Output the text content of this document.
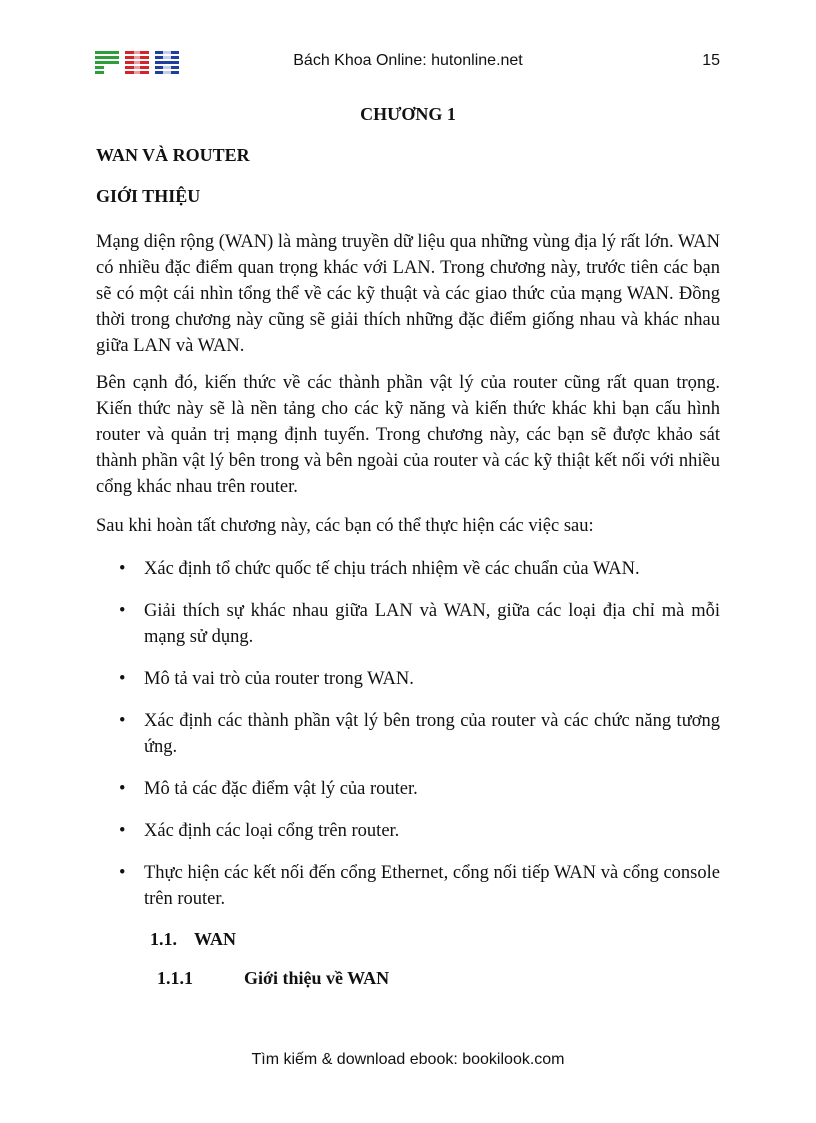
Bách Khoa Online: hutonline.net	15
CHƯƠNG 1
WAN VÀ ROUTER
GIỚI THIỆU
Mạng diện rộng (WAN) là màng truyền dữ liệu qua những vùng địa lý rất lớn. WAN có nhiều đặc điểm quan trọng khác với LAN. Trong chương này, trước tiên các bạn sẽ có một cái nhìn tổng thể về các kỹ thuật và các giao thức của mạng WAN. Đồng thời trong chương này cũng sẽ giải thích những đặc điểm giống nhau và khác nhau giữa LAN và WAN.
Bên cạnh đó, kiến thức về các thành phần vật lý của router cũng rất quan trọng. Kiến thức này sẽ là nền tảng cho các kỹ năng và kiến thức khác khi bạn cấu hình router và quản trị mạng định tuyến. Trong chương này, các bạn sẽ được khảo sát thành phần vật lý bên trong và bên ngoài của router và các kỹ thiật kết nối với nhiều cổng khác nhau trên router.
Sau khi hoàn tất chương này, các bạn có thể thực hiện các việc sau:
• Xác định tổ chức quốc tế chịu trách nhiệm về các chuẩn của WAN.
• Giải thích sự khác nhau giữa LAN và WAN, giữa các loại địa chỉ mà mỗi mạng sử dụng.
• Mô tả vai trò của router trong WAN.
• Xác định các thành phần vật lý bên trong của router và các chức năng tương ứng.
• Mô tả các đặc điểm vật lý của router.
• Xác định các loại cổng trên router.
• Thực hiện các kết nối đến cổng Ethernet, cổng nối tiếp WAN và cổng console trên router.
1.1. WAN
1.1.1	Giới thiệu về WAN
Tìm kiếm & download ebook: bookilook.com
